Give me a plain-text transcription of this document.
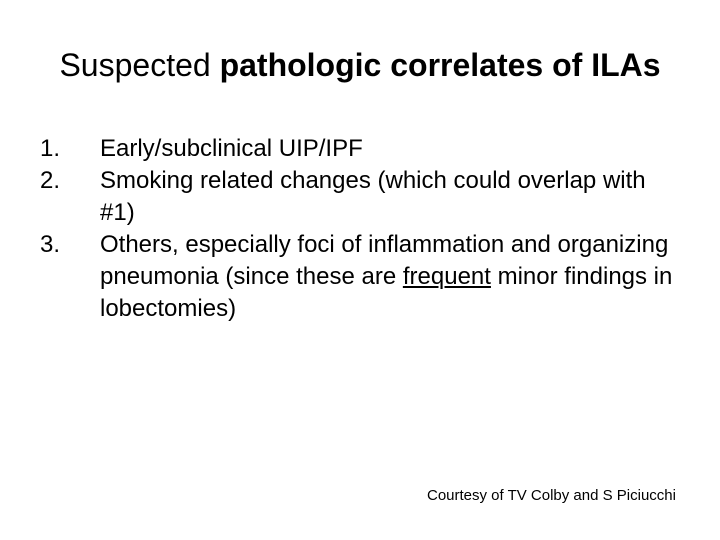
Suspected pathologic correlates of ILAs
1.	Early/subclinical UIP/IPF
2.	Smoking related changes (which could overlap with #1)
3.	Others, especially foci of inflammation and organizing pneumonia (since these are frequent minor findings in lobectomies)
Courtesy of TV Colby and S Piciucchi
